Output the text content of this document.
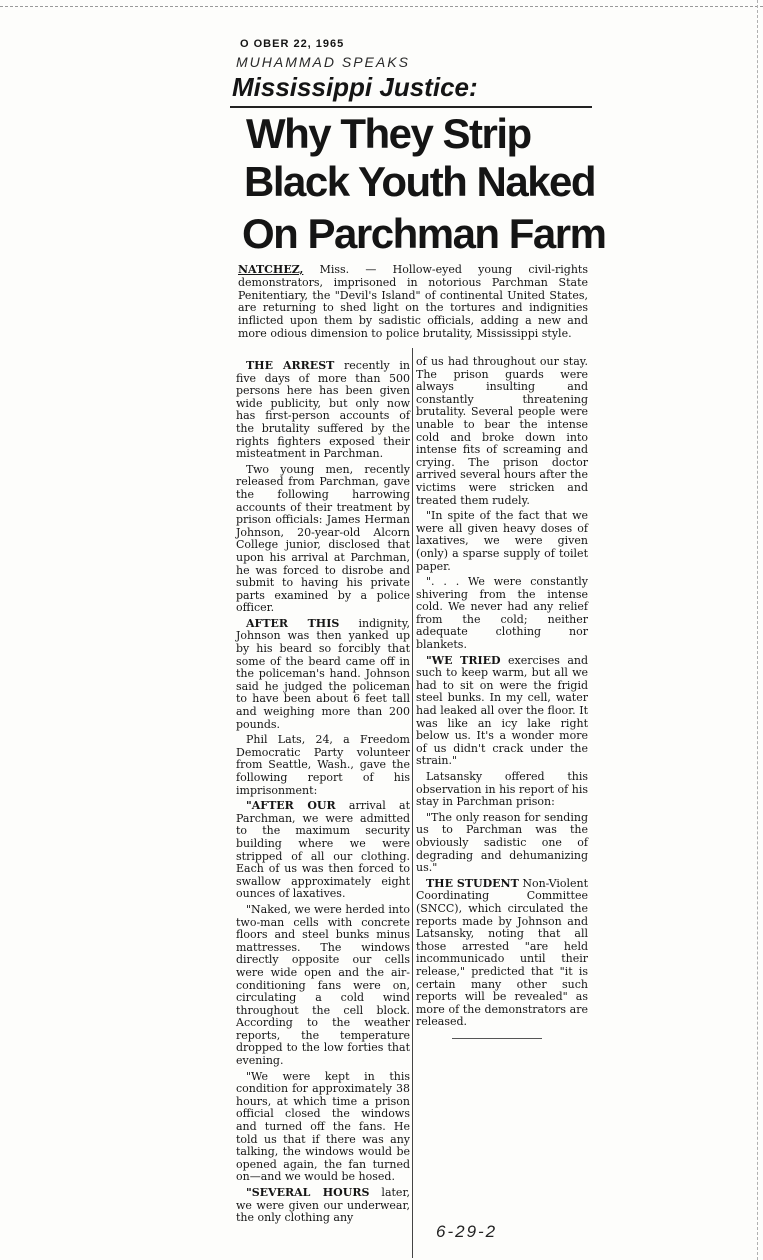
O OBER 22, 1965
MUHAMMAD SPEAKS
Mississippi Justice:
Why They Strip
Black Youth Naked
On Parchman Farm
NATCHEZ, Miss. — Hollow-eyed young civil-rights demonstrators, imprisoned in notorious Parchman State Penitentiary, the "Devil's Island" of continental United States, are returning to shed light on the tortures and indignities inflicted upon them by sadistic officials, adding a new and more odious dimension to police brutality, Mississippi style.

THE ARREST recently in five days of more than 500 persons here has been given wide publicity, but only now has first-person accounts of the brutality suffered by the rights fighters exposed their misteatment in Parchman.

Two young men, recently released from Parchman, gave the following harrowing accounts of their treatment by prison officials: James Herman Johnson, 20-year-old Alcorn College junior, disclosed that upon his arrival at Parchman, he was forced to disrobe and submit to having his private parts examined by a police officer.

AFTER THIS indignity, Johnson was then yanked up by his beard so forcibly that some of the beard came off in the policeman's hand. Johnson said he judged the policeman to have been about 6 feet tall and weighing more than 200 pounds.

Phil Lats, 24, a Freedom Democratic Party volunteer from Seattle, Wash., gave the following report of his imprisonment:

"AFTER OUR arrival at Parchman, we were admitted to the maximum security building where we were stripped of all our clothing. Each of us was then forced to swallow approximately eight ounces of laxatives.

"Naked, we were herded into two-man cells with concrete floors and steel bunks minus mattresses. The windows directly opposite our cells were wide open and the air-conditioning fans were on, circulating a cold wind throughout the cell block. According to the weather reports, the temperature dropped to the low forties that evening.

"We were kept in this condition for approximately 38 hours, at which time a prison official closed the windows and turned off the fans. He told us that if there was any talking, the windows would be opened again, the fan turned on—and we would be hosed.

"SEVERAL HOURS later, we were given our underwear, the only clothing any

of us had throughout our stay. The prison guards were always insulting and constantly threatening brutality. Several people were unable to bear the intense cold and broke down into intense fits of screaming and crying. The prison doctor arrived several hours after the victims were stricken and treated them rudely.

"In spite of the fact that we were all given heavy doses of laxatives, we were given (only) a sparse supply of toilet paper.

". . . We were constantly shivering from the intense cold. We never had any relief from the cold; neither adequate clothing nor blankets.

"WE TRIED exercises and such to keep warm, but all we had to sit on were the frigid steel bunks. In my cell, water had leaked all over the floor. It was like an icy lake right below us. It's a wonder more of us didn't crack under the strain."

Latsansky offered this observation in his report of his stay in Parchman prison:

"The only reason for sending us to Parchman was the obviously sadistic one of degrading and dehumanizing us."

THE STUDENT Non-Violent Coordinating Committee (SNCC), which circulated the reports made by Johnson and Latsansky, noting that all those arrested "are held incommunicado until their release," predicted that "it is certain many other such reports will be revealed" as more of the demonstrators are released.

6-29-2
